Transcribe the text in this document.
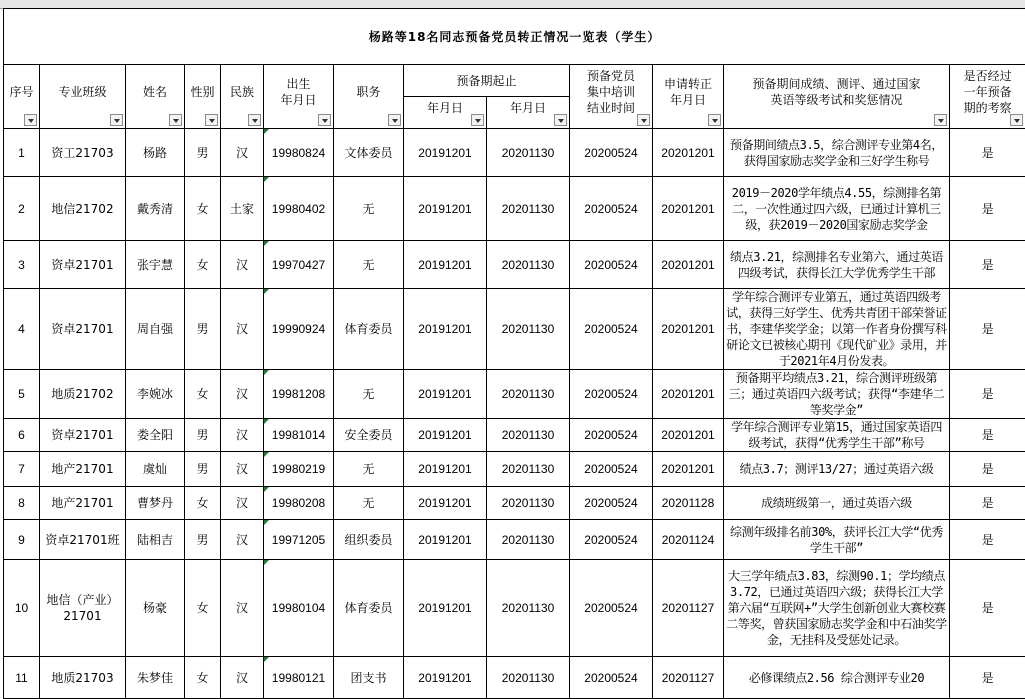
杨路等18名同志预备党员转正情况一览表（学生）												

序号	专业班级	姓名	性别	民族	出生
年月日	职务	预备期起止		预备党员
集中培训
结业时间	申请转正
年月日	预备期间成绩、测评、通过国家
英语等级考试和奖惩情况	是否经过
一年预备
期的考察

							年月日	年月日				

1	资工21703	杨路	男	汉	19980824	文体委员	20191201	20201130	20200524	20201201	预备期间绩点3.5，综合测评专业第4名，获得国家励志奖学金和三好学生称号	是
2	地信21702	戴秀清	女	土家	19980402	无	20191201	20201130	20200524	20201201	2019－2020学年绩点4.55，综测排名第二，一次性通过四六级，已通过计算机三级，获2019－2020国家励志奖学金	是
3	资卓21701	张宇慧	女	汉	19970427	无	20191201	20201130	20200524	20201201	绩点3.21，综测排名专业第六，通过英语四级考试，获得长江大学优秀学生干部	是
4	资卓21701	周自强	男	汉	19990924	体育委员	20191201	20201130	20200524	20201201	学年综合测评专业第五，通过英语四级考试，获得三好学生、优秀共青团干部荣誉证书，李建华奖学金；以第一作者身份撰写科研论文已被核心期刊《现代矿业》录用，并于2021年4月份发表。	是
5	地质21702	李婉冰	女	汉	19981208	无	20191201	20201130	20200524	20201201	预备期平均绩点3.21，综合测评班级第三；通过英语四六级考试；获得“李建华二等奖学金”	是
6	资卓21701	娄全阳	男	汉	19981014	安全委员	20191201	20201130	20200524	20201201	学年综合测评专业第15，通过国家英语四级考试，获得“优秀学生干部”称号	是
7	地产21701	虞灿	男	汉	19980219	无	20191201	20201130	20200524	20201201	绩点3.7；测评13/27；通过英语六级	是
8	地产21701	曹梦丹	女	汉	19980208	无	20191201	20201130	20200524	20201128	成绩班级第一，通过英语六级	是
9	资卓21701班	陆相吉	男	汉	19971205	组织委员	20191201	20201130	20200524	20201124	综测年级排名前30%，获评长江大学“优秀学生干部”	是
10	地信（产业）21701	杨豪	女	汉	19980104	体育委员	20191201	20201130	20200524	20201127	大三学年绩点3.83，综测90.1；学均绩点3.72，已通过英语四六级；获得长江大学第六届“互联网+”大学生创新创业大赛校赛二等奖，曾获国家励志奖学金和中石油奖学金，无挂科及受惩处记录。	是
11	地质21703	朱梦佳	女	汉	19980121	团支书	20191201	20201130	20200524	20201127	必修课绩点2.56 综合测评专业20	是
